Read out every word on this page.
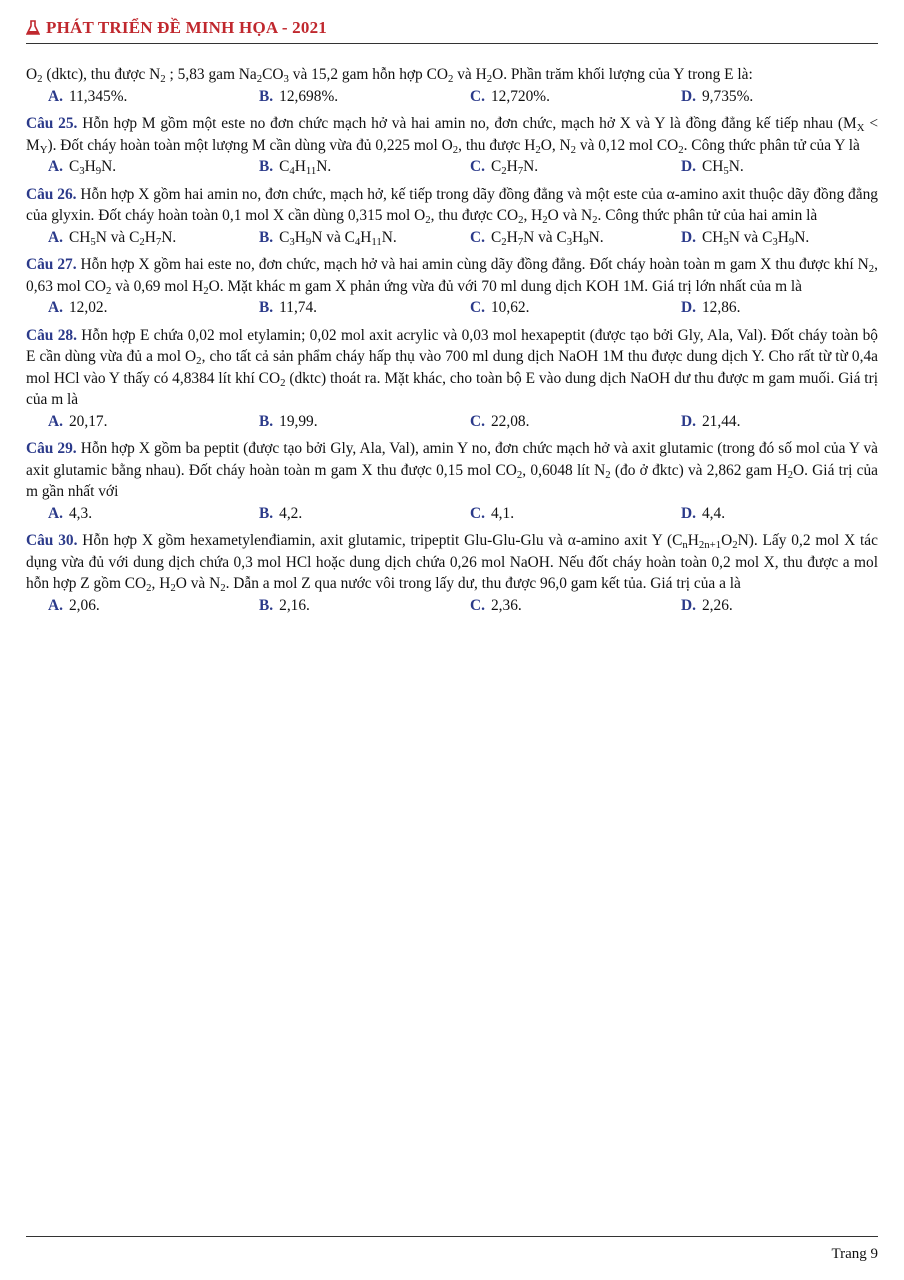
PHÁT TRIỂN ĐỀ MINH HỌA - 2021
$O_2$ (dktc), thu được $N_2$ ; 5,83 gam $Na_2CO_3$ và 15,2 gam hỗn hợp $CO_2$ và $H_2O$. Phần trăm khối lượng của Y trong E là:
A. 11,345%.	B. 12,698%.	C. 12,720%.	D. 9,735%.
Câu 25. Hỗn hợp M gồm một este no đơn chức mạch hở và hai amin no, đơn chức, mạch hở X và Y là đồng đẳng kế tiếp nhau $(M_X < M_Y)$. Đốt cháy hoàn toàn một lượng M cần dùng vừa đủ 0,225 mol $O_2$, thu được $H_2O$, $N_2$ và 0,12 mol $CO_2$. Công thức phân tử của Y là
A. $C_3H_9N$.	B. $C_4H_{11}N$.	C. $C_2H_7N$.	D. $CH_5N$.
Câu 26. Hỗn hợp X gồm hai amin no, đơn chức, mạch hở, kế tiếp trong dãy đồng đẳng và một este của α-amino axit thuộc dãy đồng đẳng của glyxin. Đốt cháy hoàn toàn 0,1 mol X cần dùng 0,315 mol $O_2$, thu được $CO_2$, $H_2O$ và $N_2$. Công thức phân tử của hai amin là
A. $CH_5N$ và $C_2H_7N$.	B. $C_3H_9N$ và $C_4H_{11}N$.	C. $C_2H_7N$ và $C_3H_9N$.	D. $CH_5N$ và $C_3H_9N$.
Câu 27. Hỗn hợp X gồm hai este no, đơn chức, mạch hở và hai amin cùng dãy đồng đẳng. Đốt cháy hoàn toàn m gam X thu được khí $N_2$, 0,63 mol $CO_2$ và 0,69 mol $H_2O$. Mặt khác m gam X phản ứng vừa đủ với 70 ml dung dịch KOH 1M. Giá trị lớn nhất của m là
A. 12,02.	B. 11,74.	C. 10,62.	D. 12,86.
Câu 28. Hỗn hợp E chứa 0,02 mol etylamin; 0,02 mol axit acrylic và 0,03 mol hexapeptit (được tạo bởi Gly, Ala, Val). Đốt cháy toàn bộ E cần dùng vừa đủ a mol $O_2$, cho tất cả sản phẩm cháy hấp thụ vào 700 ml dung dịch NaOH 1M thu được dung dịch Y. Cho rất từ từ 0,4a mol HCl vào Y thấy có 4,8384 lít khí $CO_2$ (dktc) thoát ra. Mặt khác, cho toàn bộ E vào dung dịch NaOH dư thu được m gam muối. Giá trị của m là
A. 20,17.	B. 19,99.	C. 22,08.	D. 21,44.
Câu 29. Hỗn hợp X gồm ba peptit (được tạo bởi Gly, Ala, Val), amin Y no, đơn chức mạch hở và axit glutamic (trong đó số mol của Y và axit glutamic bằng nhau). Đốt cháy hoàn toàn m gam X thu được 0,15 mol $CO_2$, 0,6048 lít $N_2$ (đo ở đktc) và 2,862 gam $H_2O$. Giá trị của m gần nhất với
A. 4,3.	B. 4,2.	C. 4,1.	D. 4,4.
Câu 30. Hỗn hợp X gồm hexametylenđiamin, axit glutamic, tripeptit Glu-Glu-Glu và α-amino axit Y $(C_nH_{2n+1}O_2N)$. Lấy 0,2 mol X tác dụng vừa đủ với dung dịch chứa 0,3 mol HCl hoặc dung dịch chứa 0,26 mol NaOH. Nếu đốt cháy hoàn toàn 0,2 mol X, thu được a mol hỗn hợp Z gồm $CO_2$, $H_2O$ và $N_2$. Dẫn a mol Z qua nước vôi trong lấy dư, thu được 96,0 gam kết tủa. Giá trị của a là
A. 2,06.	B. 2,16.	C. 2,36.	D. 2,26.
Trang 9
